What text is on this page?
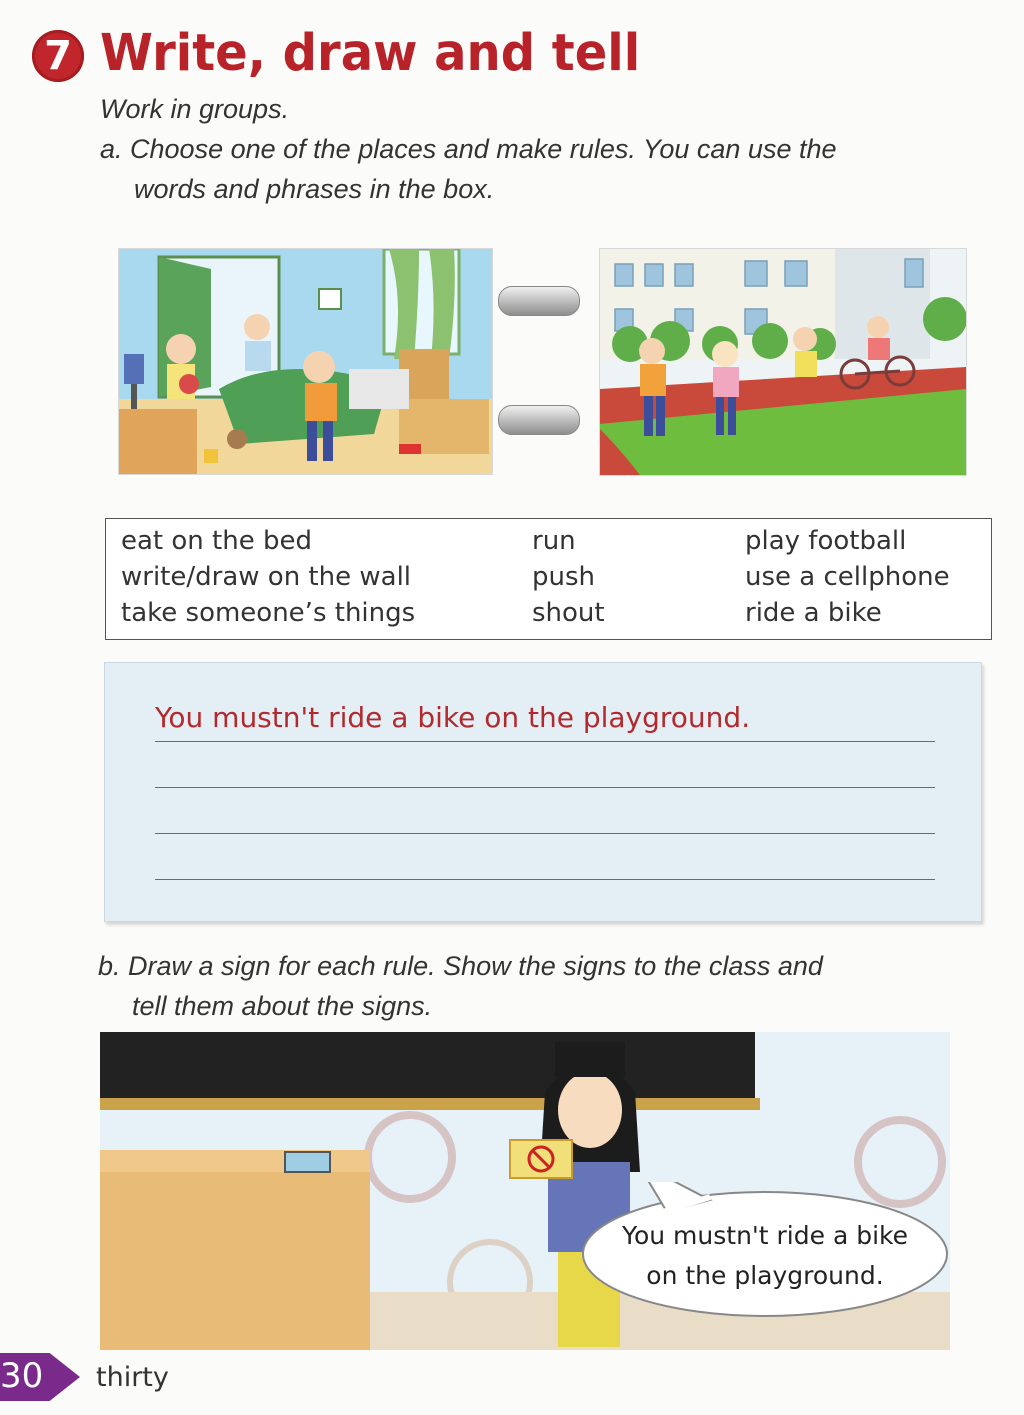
7 Write, draw and tell
Work in groups.
a. Choose one of the places and make rules. You can use the
words and phrases in the box.
eat on the bed
write/draw on the wall
take someone’s things
run
push
shout
play football
use a cellphone
ride a bike
You mustn't ride a bike on the playground.
b. Draw a sign for each rule. Show the signs to the class and
tell them about the signs.
You mustn't ride a bike
on the playground.
30 thirty
